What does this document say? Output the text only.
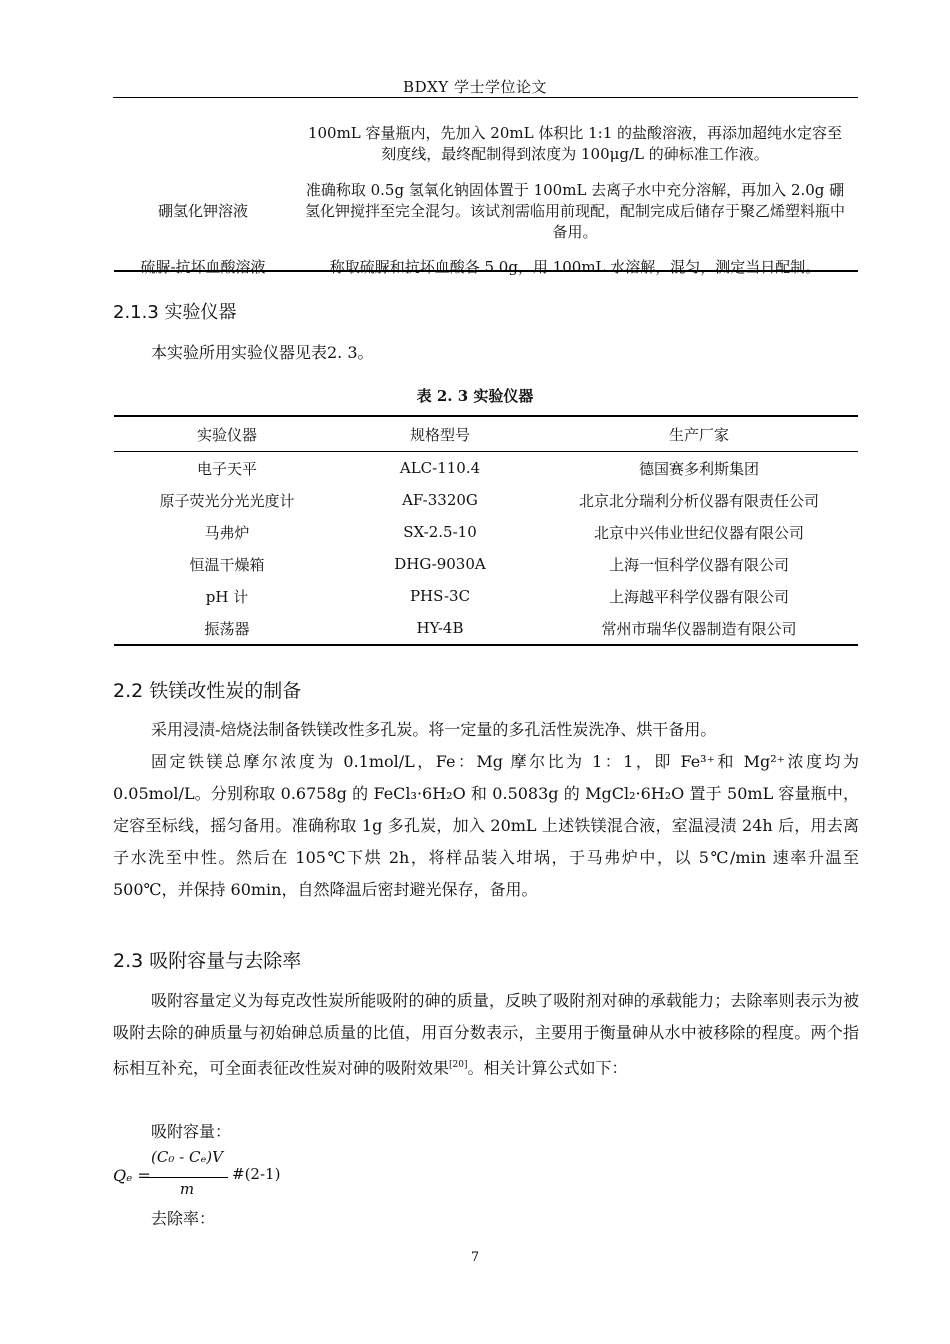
BDXY 学士学位论文
	100mL 容量瓶内，先加入 20mL 体积比 1:1 的盐酸溶液，再添加超纯水定容至刻度线，最终配制得到浓度为 100μg/L 的砷标准工作液。
硼氢化钾溶液	准确称取 0.5g 氢氧化钠固体置于 100mL 去离子水中充分溶解，再加入 2.0g 硼氢化钾搅拌至完全混匀。该试剂需临用前现配，配制完成后储存于聚乙烯塑料瓶中备用。
硫脲-抗坏血酸溶液	称取硫脲和抗坏血酸各 5.0g，用 100mL 水溶解，混匀，测定当日配制。
2.1.3 实验仪器
本实验所用实验仪器见表2. 3。
表 2. 3 实验仪器
实验仪器	规格型号	生产厂家
电子天平	ALC-110.4	德国赛多利斯集团
原子荧光分光光度计	AF-3320G	北京北分瑞利分析仪器有限责任公司
马弗炉	SX-2.5-10	北京中兴伟业世纪仪器有限公司
恒温干燥箱	DHG-9030A	上海一恒科学仪器有限公司
pH 计	PHS-3C	上海越平科学仪器有限公司
振荡器	HY-4B	常州市瑞华仪器制造有限公司
2.2 铁镁改性炭的制备
采用浸渍-焙烧法制备铁镁改性多孔炭。将一定量的多孔活性炭洗净、烘干备用。
固定铁镁总摩尔浓度为 0.1mol/L，Fe：Mg 摩尔比为 1：1，即 Fe³⁺和 Mg²⁺浓度均为 0.05mol/L。分别称取 0.6758g 的 FeCl₃·6H₂O 和 0.5083g 的 MgCl₂·6H₂O 置于 50mL 容量瓶中，定容至标线，摇匀备用。准确称取 1g 多孔炭，加入 20mL 上述铁镁混合液，室温浸渍 24h 后，用去离子水洗至中性。然后在 105℃下烘 2h，将样品装入坩埚，于马弗炉中，以 5℃/min 速率升温至 500℃，并保持 60min，自然降温后密封避光保存，备用。
2.3 吸附容量与去除率
吸附容量定义为每克改性炭所能吸附的砷的质量，反映了吸附剂对砷的承载能力；去除率则表示为被吸附去除的砷质量与初始砷总质量的比值，用百分数表示，主要用于衡量砷从水中被移除的程度。两个指标相互补充，可全面表征改性炭对砷的吸附效果[20]。相关计算公式如下：
吸附容量：
Qₑ =
(C₀ - Cₑ)V
m
#(2-1)
去除率：
7
